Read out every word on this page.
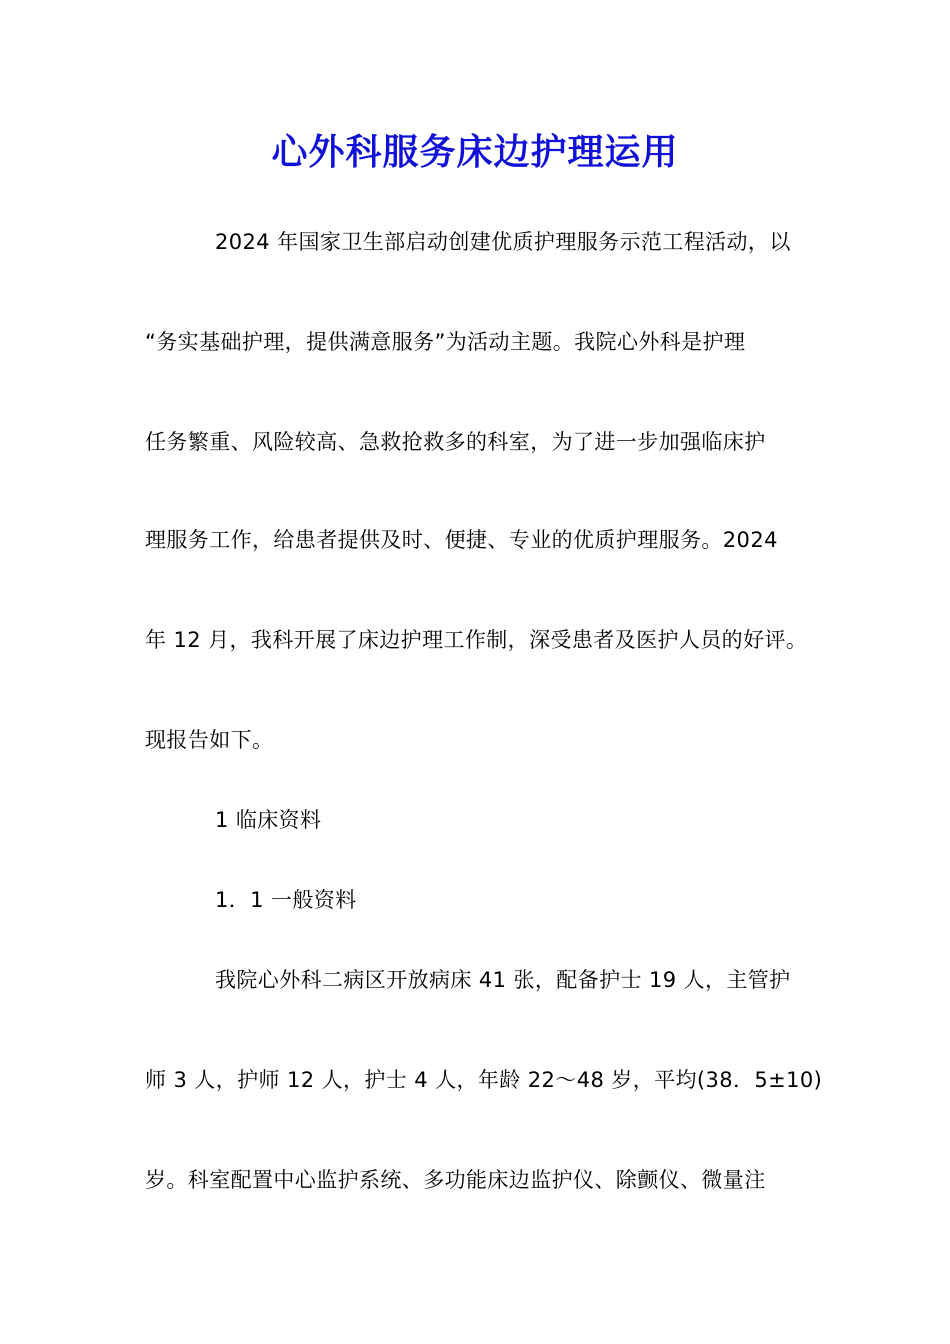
心外科服务床边护理运用
2024 年国家卫生部启动创建优质护理服务示范工程活动，以
“务实基础护理，提供满意服务”为活动主题。我院心外科是护理
任务繁重、风险较高、急救抢救多的科室，为了进一步加强临床护
理服务工作，给患者提供及时、便捷、专业的优质护理服务。2024
年 12 月，我科开展了床边护理工作制，深受患者及医护人员的好评。
现报告如下。
1 临床资料
1．1 一般资料
我院心外科二病区开放病床 41 张，配备护士 19 人，主管护
师 3 人，护师 12 人，护士 4 人，年龄 22～48 岁，平均(38．5±10)
岁。科室配置中心监护系统、多功能床边监护仪、除颤仪、微量注
